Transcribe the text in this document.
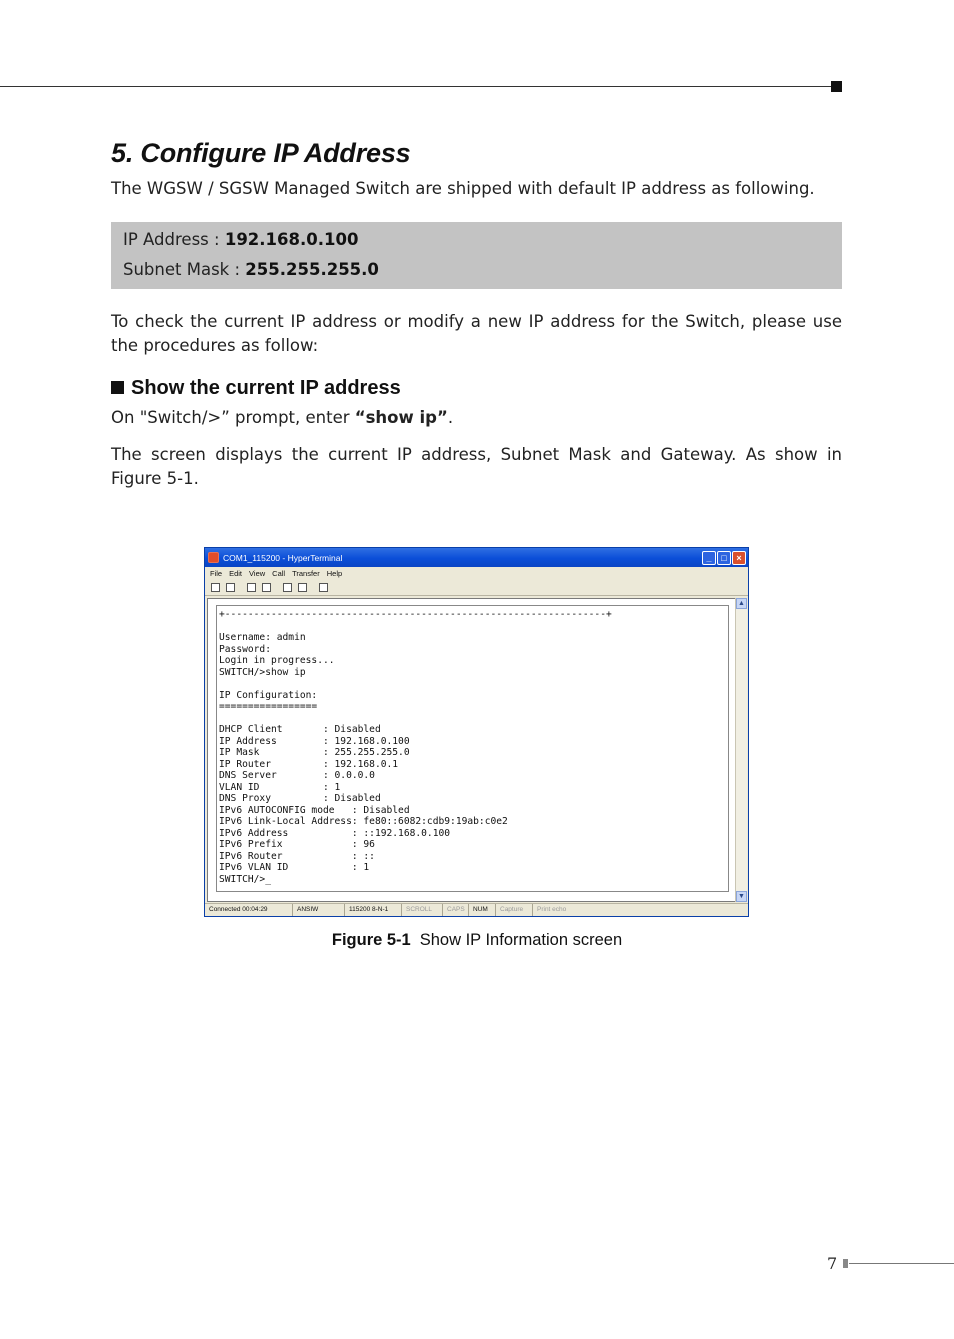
5. Configure IP Address

The WGSW / SGSW Managed Switch are shipped with default IP address as following.

IP Address : 192.168.0.100
Subnet Mask : 255.255.255.0

To check the current IP address or modify a new IP address for the Switch, please use the procedures as follow:

Show the current IP address

On "Switch/>” prompt, enter “show ip”.

The screen displays the current IP address, Subnet Mask and Gateway. As show in Figure 5-1.

COM1_115200 - HyperTerminal	_	□	×
File Edit View Call Transfer Help
+------------------------------------------------------------------+

Username: admin
Password:
Login in progress...
SWITCH/>show ip

IP Configuration:
=================

DHCP Client       : Disabled
IP Address        : 192.168.0.100
IP Mask           : 255.255.255.0
IP Router         : 192.168.0.1
DNS Server        : 0.0.0.0
VLAN ID           : 1
DNS Proxy         : Disabled
IPv6 AUTOCONFIG mode   : Disabled
IPv6 Link-Local Address: fe80::6082:cdb9:19ab:c0e2
IPv6 Address           : ::192.168.0.100
IPv6 Prefix            : 96
IPv6 Router            : ::
IPv6 VLAN ID           : 1
SWITCH/>_
▲
▼
Connected 00:04:29	ANSIW	115200 8-N-1	SCROLL	CAPS	NUM	Capture	Print echo
Figure 5-1 Show IP Information screen
7
